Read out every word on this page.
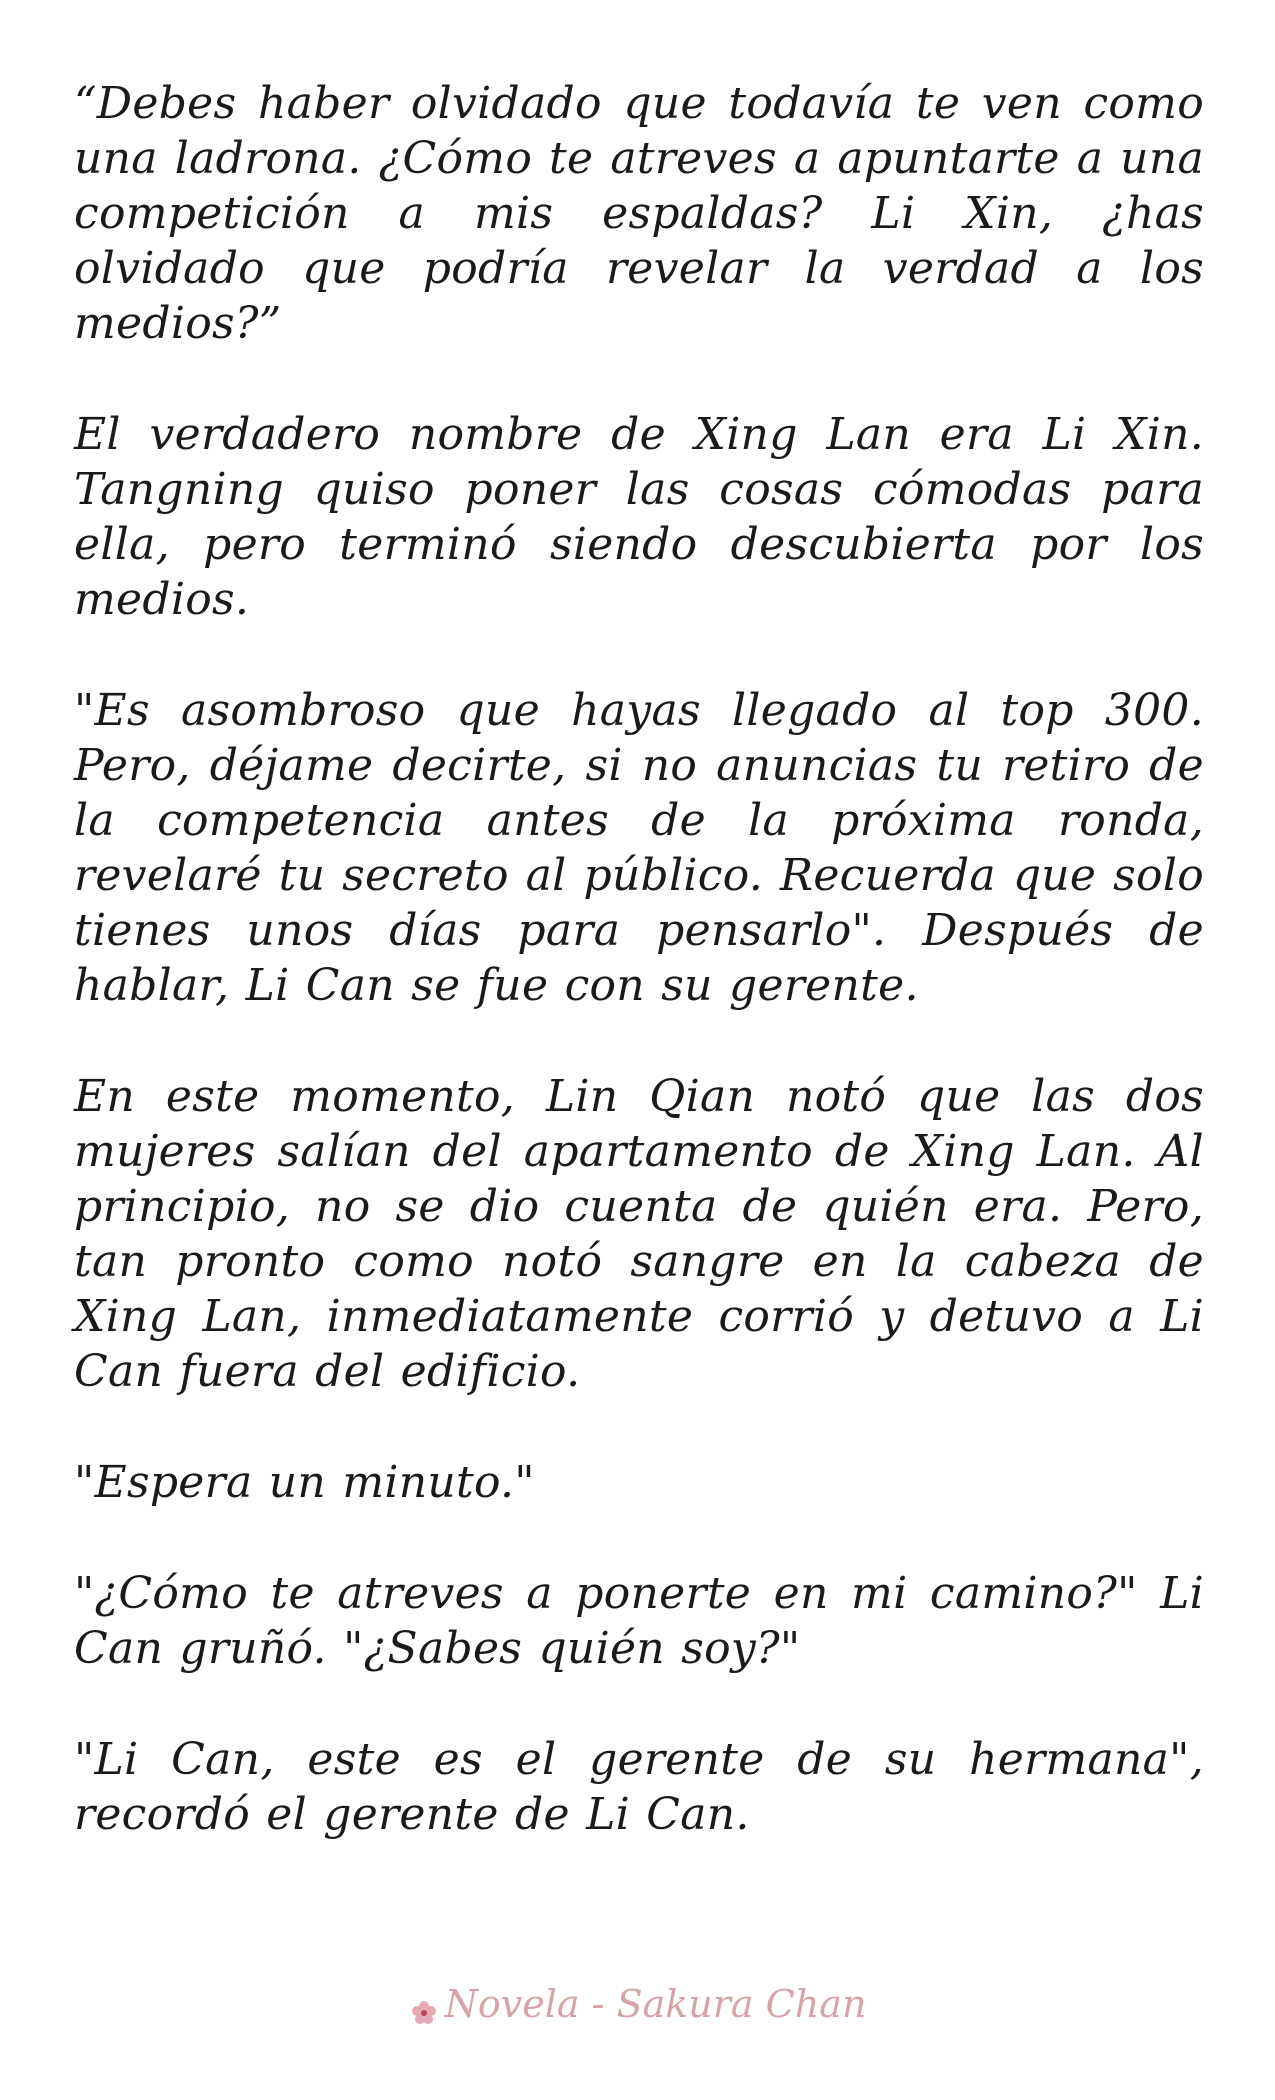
“Debes haber olvidado que todavía te ven como una ladrona. ¿Cómo te atreves a apuntarte a una competición a mis espaldas? Li Xin, ¿has olvidado que podría revelar la verdad a los medios?”

El verdadero nombre de Xing Lan era Li Xin. Tangning quiso poner las cosas cómodas para ella, pero terminó siendo descubierta por los medios.

"Es asombroso que hayas llegado al top 300. Pero, déjame decirte, si no anuncias tu retiro de la competencia antes de la próxima ronda, revelaré tu secreto al público. Recuerda que solo tienes unos días para pensarlo". Después de hablar, Li Can se fue con su gerente.

En este momento, Lin Qian notó que las dos mujeres salían del apartamento de Xing Lan. Al principio, no se dio cuenta de quién era. Pero, tan pronto como notó sangre en la cabeza de Xing Lan, inmediatamente corrió y detuvo a Li Can fuera del edificio.

"Espera un minuto."

"¿Cómo te atreves a ponerte en mi camino?" Li Can gruñó. "¿Sabes quién soy?"

"Li Can, este es el gerente de su hermana", recordó el gerente de Li Can.

Novela - Sakura Chan
